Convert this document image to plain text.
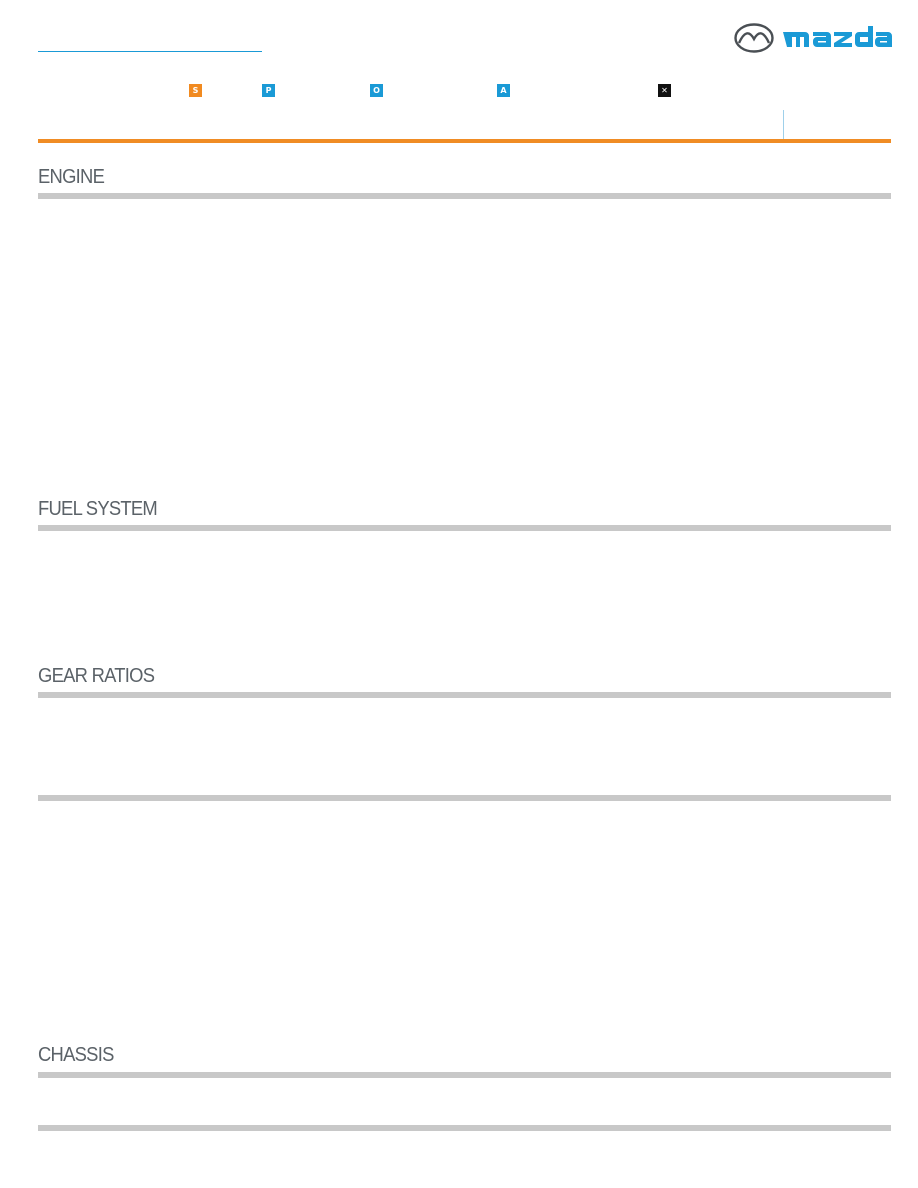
S	P	O	A	✕
ENGINE
FUEL SYSTEM
GEAR RATIOS
CHASSIS
